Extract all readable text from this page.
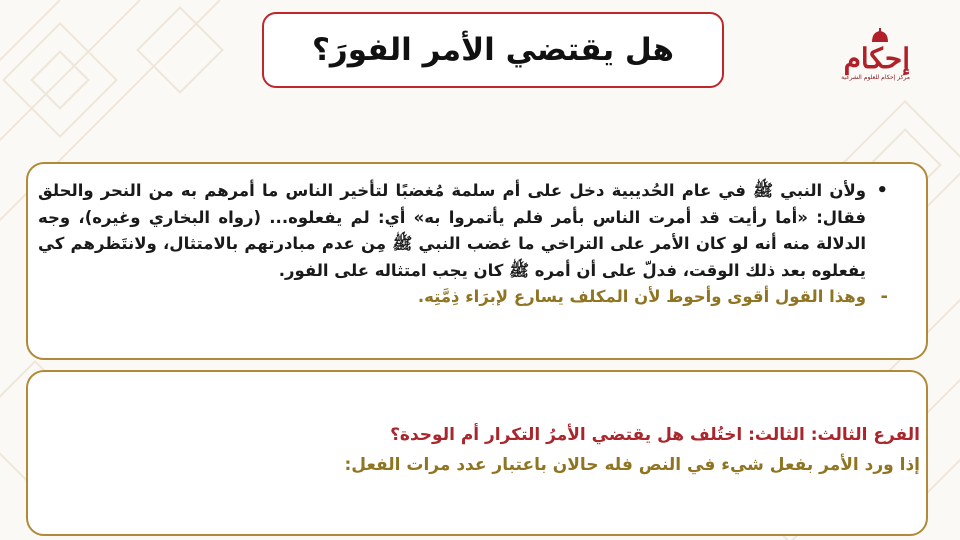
هل يقتضي الأمر الفورَ؟	إحكام
مركز إحكام للعلوم الشرعية
•
ولأن النبي ﷺ في عام الحُديبية دخل على أم سلمة مُغضبًا لتأخير الناس ما أمرهم به من النحر والحلق فقال: «أما رأيت قد أمرت الناس بأمر فلم يأتمروا به» أي: لم يفعلوه... (رواه البخاري وغيره)، وجه الدلالة منه أنه لو كان الأمر على التراخي ما غضب النبي ﷺ مِن عدم مبادرتهم بالامتثال، ولانتَظرهم كي يفعلوه بعد ذلك الوقت، فدلّ على أن أمره ﷺ كان يجب امتثاله على الفور.
-
وهذا القول أقوى وأحوط لأن المكلف يسارع لإبرَاء ذِمَّتِه.
الفرع الثالث: الثالث: اختُلف هل يقتضي الأمرُ التكرار أم الوحدة؟
إذا ورد الأمر بفعل شيء في النص فله حالان باعتبار عدد مرات الفعل:
